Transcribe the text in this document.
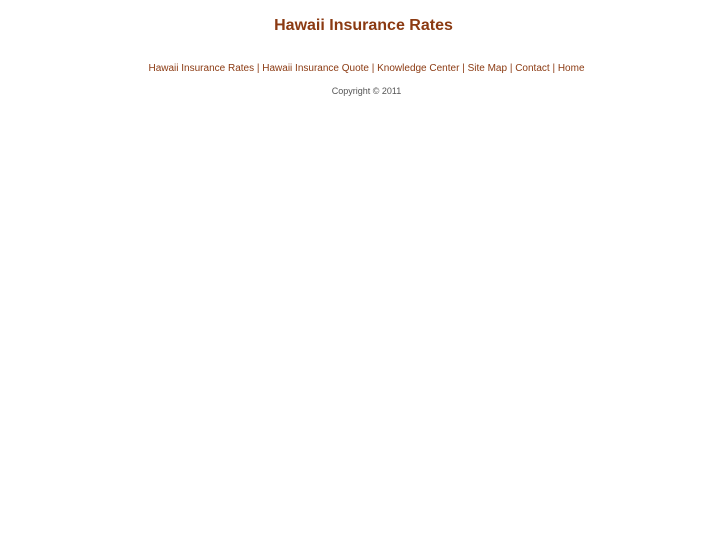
Hawaii Insurance Rates
Hawaii Insurance Rates | Hawaii Insurance Quote | Knowledge Center | Site Map | Contact | Home
Copyright © 2011
